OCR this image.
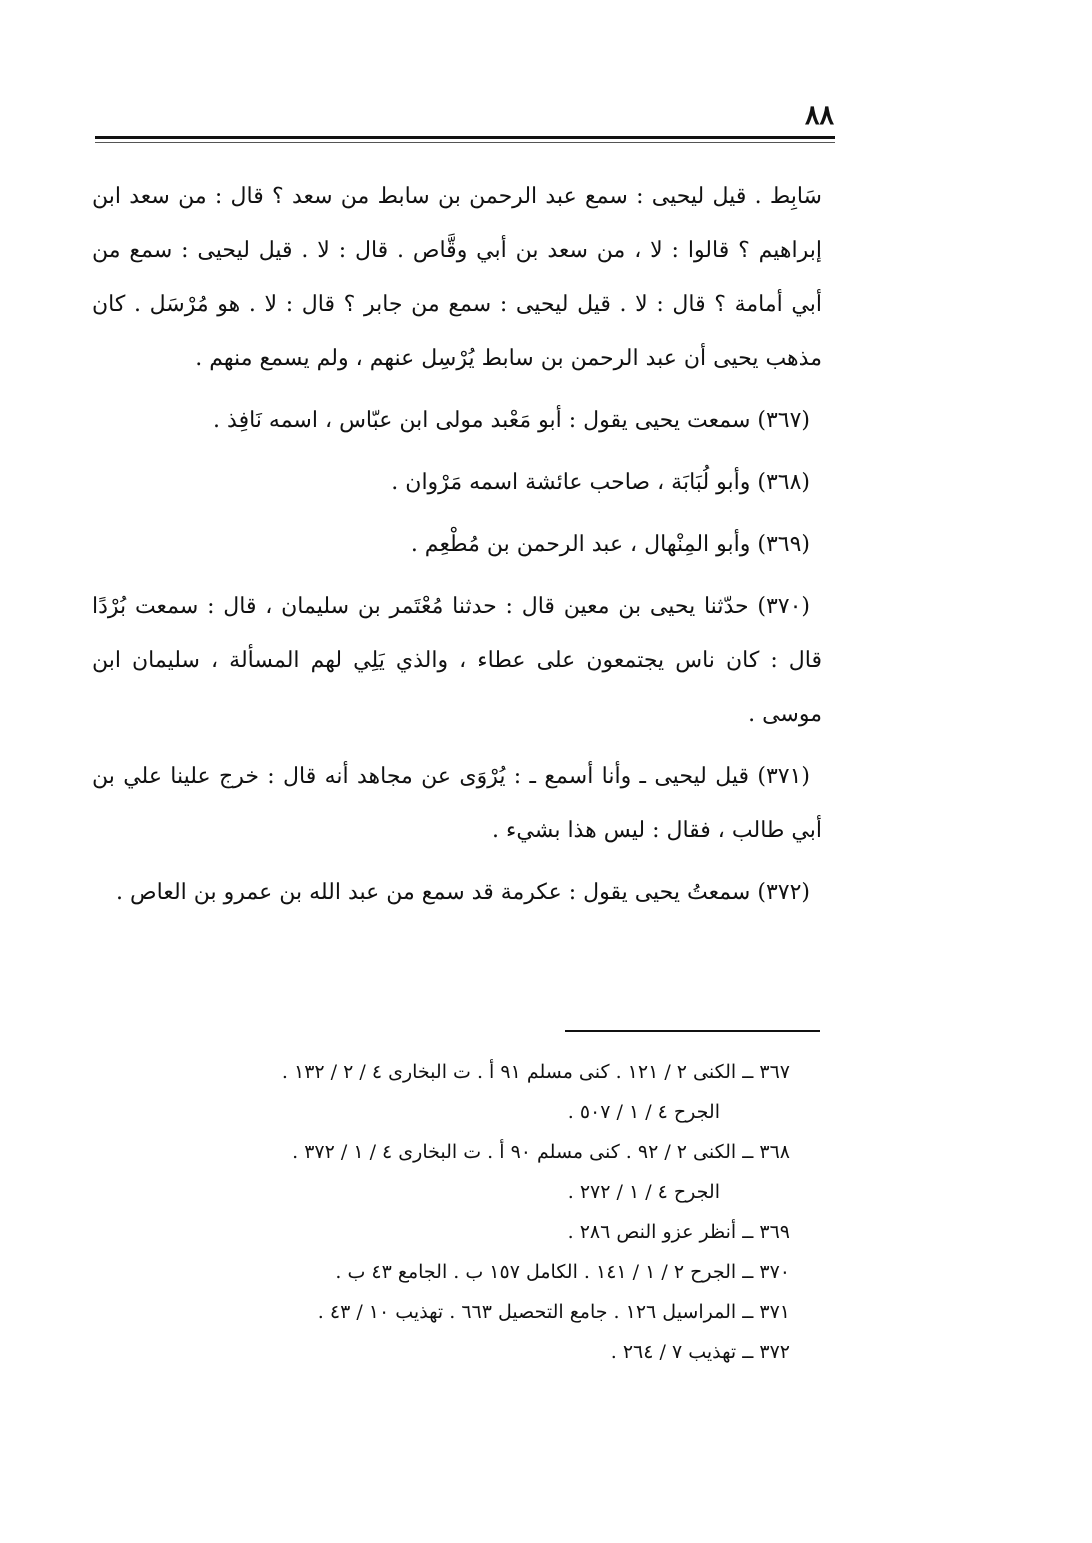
٨٨

سَابِط . قيل ليحيى : سمع عبد الرحمن بن سابط من سعد ؟ قال : من سعد ابن إبراهيم ؟ قالوا : لا ، من سعد بن أبي وقَّاص . قال : لا . قيل ليحيى : سمع من أبي أمامة ؟ قال : لا . قيل ليحيى : سمع من جابر ؟ قال : لا . هو مُرْسَل . كان مذهب يحيى أن عبد الرحمن بن سابط يُرْسِل عنهم ، ولم يسمع منهم .

(٣٦٧) سمعت يحيى يقول : أبو مَعْبد مولى ابن عبّاس ، اسمه نَافِذ .

(٣٦٨) وأبو لُبَابَة ، صاحب عائشة اسمه مَرْوان .

(٣٦٩) وأبو المِنْهال ، عبد الرحمن بن مُطْعِم .

(٣٧٠) حدّثنا يحيى بن معين قال : حدثنا مُعْتَمر بن سليمان ، قال : سمعت بُرْدًا قال : كان ناس يجتمعون على عطاء ، والذي يَلِي لهم المسألة ، سليمان ابن موسى .

(٣٧١) قيل ليحيى ـ وأنا أسمع ـ : يُرْوَى عن مجاهد أنه قال : خرج علينا علي بن أبي طالب ، فقال : ليس هذا بشيء .

(٣٧٢) سمعتُ يحيى يقول : عكرمة قد سمع من عبد الله بن عمرو بن العاص .

٣٦٧ ــ الكنى ٢ / ١٢١ . كنى مسلم ٩١ أ . ت البخارى ٤ / ٢ / ١٣٢ .

الجرح ٤ / ١ / ٥٠٧ .

٣٦٨ ــ الكنى ٢ / ٩٢ . كنى مسلم ٩٠ أ . ت البخارى ٤ / ١ / ٣٧٢ .

الجرح ٤ / ١ / ٢٧٢ .

٣٦٩ ــ أنظر عزو النص ٢٨٦ .

٣٧٠ ــ الجرح ٢ / ١ / ١٤١ . الكامل ١٥٧ ب . الجامع ٤٣ ب .

٣٧١ ــ المراسيل ١٢٦ . جامع التحصيل ٦٦٣ . تهذيب ١٠ / ٤٣ .

٣٧٢ ــ تهذيب ٧ / ٢٦٤ .
